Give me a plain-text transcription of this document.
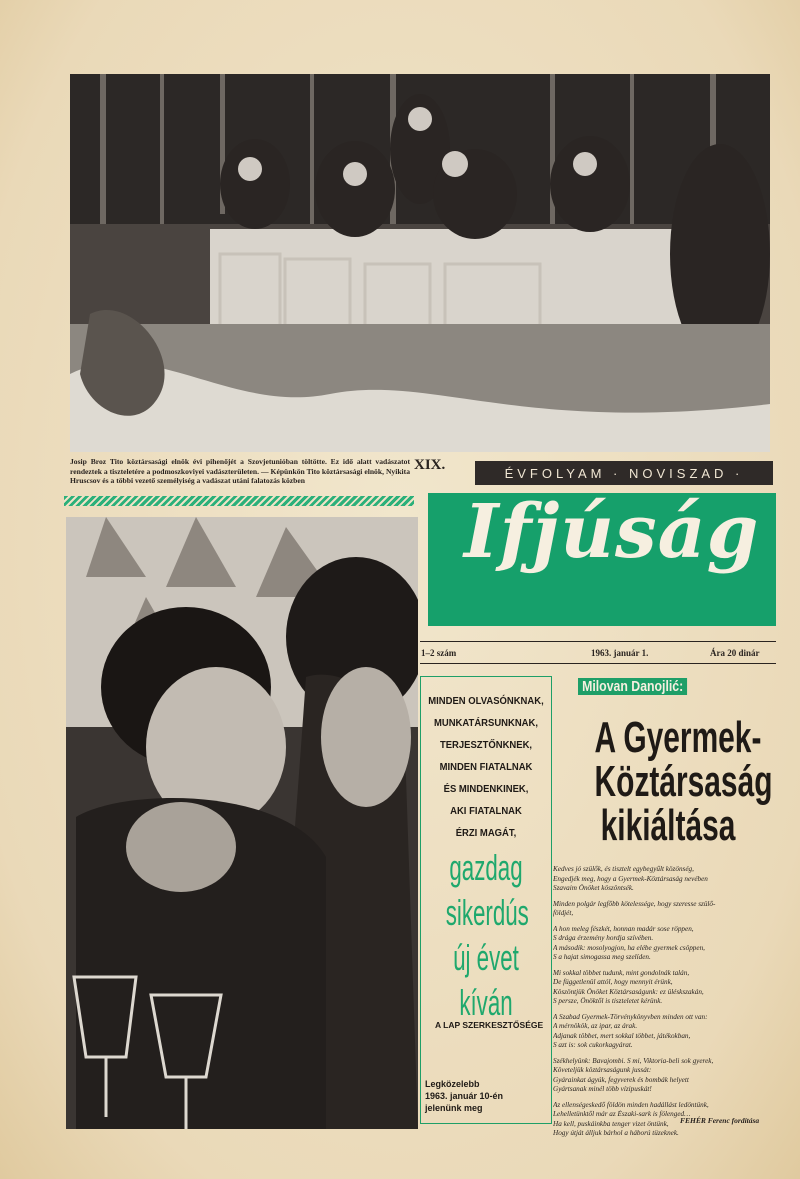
Josip Broz Tito köztársasági elnök évi pihenőjét a Szovjetunióban töltötte. Ez idő alatt vadászatot rendeztek a tiszteletére a podmoszkoviyei vadászterületen. — Képünkön Tito köztársasági elnök, Nyikita Hruscsov és a többi vezető személyiség a vadászat utáni falatozás közben
XIX.	ÉVFOLYAM · NOVISZAD ·
Ifjúság
1–2 szám	1963. január 1.	Ára 20 dinár
MINDEN OLVASÓNKNAK,
MUNKATÁRSUNKNAK,
TERJESZTŐNKNEK,
MINDEN FIATALNAK
ÉS MINDENKINEK,
AKI FIATALNAK
ÉRZI MAGÁT,
gazdag
sikerdús
új évet
kíván
A LAP SZERKESZTŐSÉGE
Legközelebb
1963. január 10-én
jelenünk meg
Milovan Danojlić:
A Gyermek-
Köztársaság
kikiáltása
Kedves jó szülők, és tisztelt egybegyűlt közönség,
Engedjék meg, hogy a Gyermek-Köztársaság nevében
Szavaim Önöket köszöntsék.
Minden polgár legfőbb kötelessége, hogy szeresse szülő-
földjét,
A hon meleg fészkét, honnan madár sose röppen,
S drága érzemény hordja szívében.
A második: mosolyogjon, ha elébe gyermek csöppen,
S a hajat simogassa meg szelíden.
Mi sokkal többet tudunk, mint gondolnák talán,
De függetlenül attól, hogy mennyit érünk,
Köszöntjük Önöket Köztársaságunk: ez üléskszakán,
S persze, Önöktől is tiszteletet kérünk.
A Szabad Gyermek-Törvénykönyvben minden ott van:
A mérnökök, az ipar, az árak.
Adjanak többet, mert sokkal többet, játékokban,
S azt is: sok cukorkagyárat.
Székhelyünk: Bavajombi. S mi, Viktoria-beli sok gyerek,
Követeljük köztársaságunk jussát:
Gyárainkat ágyúk, fegyverek és bombák helyett
Gyártsanak minél több vízipuskát!
Az ellenségeskedő földön minden hadállást ledöntünk,
Lehelletünktől már az Északi-sark is fölenged…
Ha kell, puskáinkba tenger vizet öntünk,
Hogy útját álljuk bárhol a háború tüzeknek.
FEHÉR Ferenc fordítása
